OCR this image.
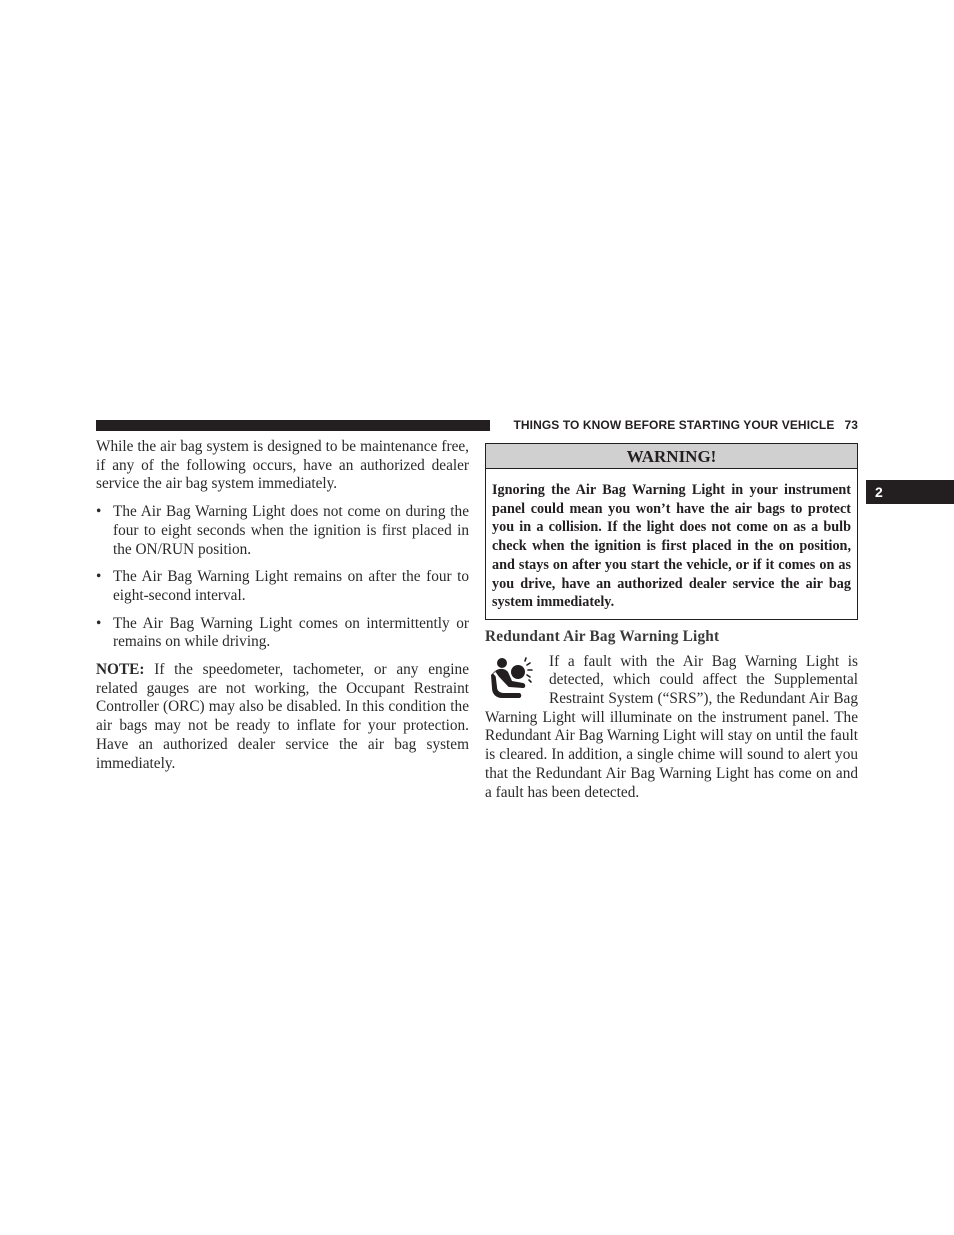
THINGS TO KNOW BEFORE STARTING YOUR VEHICLE 73
2

While the air bag system is designed to be maintenance free, if any of the following occurs, have an authorized dealer service the air bag system immediately.

• The Air Bag Warning Light does not come on during the four to eight seconds when the ignition is first placed in the ON/RUN position.
• The Air Bag Warning Light remains on after the four to eight-second interval.
• The Air Bag Warning Light comes on intermittently or remains on while driving.

NOTE: If the speedometer, tachometer, or any engine related gauges are not working, the Occupant Restraint Controller (ORC) may also be disabled. In this condition the air bags may not be ready to inflate for your protection. Have an authorized dealer service the air bag system immediately.

WARNING!
Ignoring the Air Bag Warning Light in your instrument panel could mean you won’t have the air bags to protect you in a collision. If the light does not come on as a bulb check when the ignition is first placed in the on position, and stays on after you start the vehicle, or if it comes on as you drive, have an authorized dealer service the air bag system immediately.
Redundant Air Bag Warning Light

If a fault with the Air Bag Warning Light is detected, which could affect the Supplemental Restraint System (“SRS”), the Redundant Air Bag Warning Light will illuminate on the instrument panel. The Redundant Air Bag Warning Light will stay on until the fault is cleared. In addition, a single chime will sound to alert you that the Redundant Air Bag Warning Light has come on and a fault has been detected.
